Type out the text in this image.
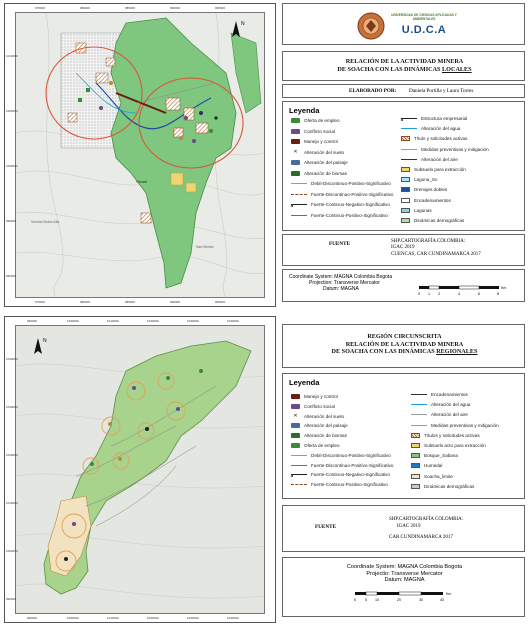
N
Sibaté
Vereda Bolos Alta
San Benito
975000	980000	985000	990000	995000
975000	980000	985000	990000	995000
1010000
1005000
1000000
995000
990000
UNIVERSIDAD DE CIENCIAS APLICADAS Y AMBIENTALES
U.D.C.A
RELACIÓN DE LA ACTIVIDAD MINERA
DE SOACHA CON LAS DINÁMICAS LOCALES
ELABORADO POR: Daniela Portilla y Laura Torres
Leyenda
Oferta de empleo
Conflicto social
Manejo y control
✕	Alteración del suelo
Alteración del paisaje
Alteración de biomas
Debil-Discontinuo-Positivo-Significativo
Fuerte-Discontinuo-Positivo-Significativo
Fuerte-Continuo-Negativo-Significativo
Fuerte-Continuo-Positivo-Significativo
Estructura empresarial
Alteración del agua
Título y solicitudes activas
Medidas preventivas y mitigación
Alteración del aire
Subsuelo para extracción
Laguna_Sv
Drenajes dobles
Encadenamientos
Lagunas
Dinámicas demográficas
FUENTE	SHP.CARTOGRAFÍA COLOMBIA:
IGAC 2019
CUENCAS, CAR CUNDINAMARCA 2017
Coordinate System: MAGNA Colombia Bogota
Projection: Transverse Mercator
Datum: MAGNA
0 1 2	4	6	8
Km
N
990000	1000000	1010000	1020000	1030000	1040000
990000	1000000	1010000	1020000	1030000	1040000
1040000
1030000
1020000
1010000
1000000
990000
REGIÓN CIRCUNSCRITA
RELACIÓN DE LA ACTIVIDAD MINERA
DE SOACHA CON LAS DINÁMICAS REGIONALES
Leyenda
Manejo y control
Conflicto social
✕	Alteración del suelo
Alteración del paisaje
Alteración de biomas
Oferta de empleo
Debil-Discontinuo-Positivo-Significativo
Fuerte-Discontinuo-Positivo-Significativo
Fuerte-Continuo-Negativo-Significativo
Fuerte-Continuo-Positivo-Significativo
Encadenamientos
Alteración del agua
Alteración del aire
Medidas preventivas y mitigación
Títulos y solicitudes activas
Subsuelo acto para extracción
Bosque_Sabana
Humedal
Soacha_limite
Dinámicas demográficas
FUENTE
SHP.CARTOGRAFÍA COLOMBIA:
IGAC 2019
CAR CUNDINAMARCA 2017
Coordinate System: MAGNA Colombia Bogota
Projectio: Transverse Mercator
Datum: MAGNA
0	5 10	20	30	40
Km
